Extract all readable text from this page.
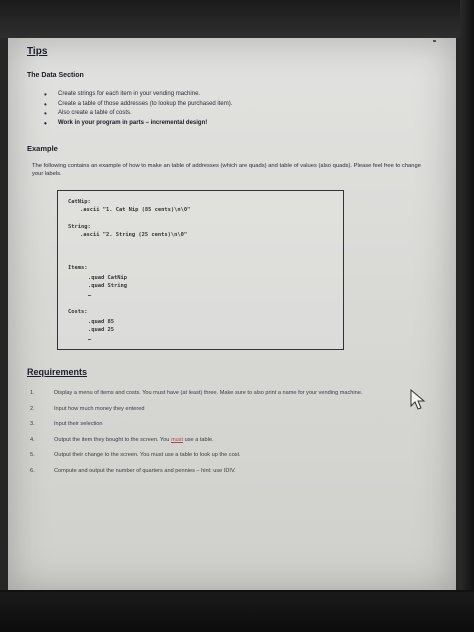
Tips
The Data Section
• Create strings for each item in your vending machine.
• Create a table of those addresses (to lookup the purchased item).
• Also create a table of costs.
• Work in your program in parts – incremental design!
Example
The following contains an example of how to make an table of addresses (which are quads) and table of values (also quads). Please feel free to change your labels.
CatNip:
.ascii "1. Cat Nip (85 cents)\n\0"
String:
.ascii "2. String (25 cents)\n\0"
Items:
.quad CatNip
.quad String
…
Costs:
.quad 85
.quad 25
…
Requirements
1.	Display a menu of items and costs. You must have (at least) three. Make sure to also print a name for your vending machine.
2.	Input how much money they entered
3.	Input their selection
4.	Output the item they bought to the screen. You must use a table.
5.	Output their change to the screen. You must use a table to look up the cost.
6.	Compute and output the number of quarters and pennies – hint: use IDIV.
